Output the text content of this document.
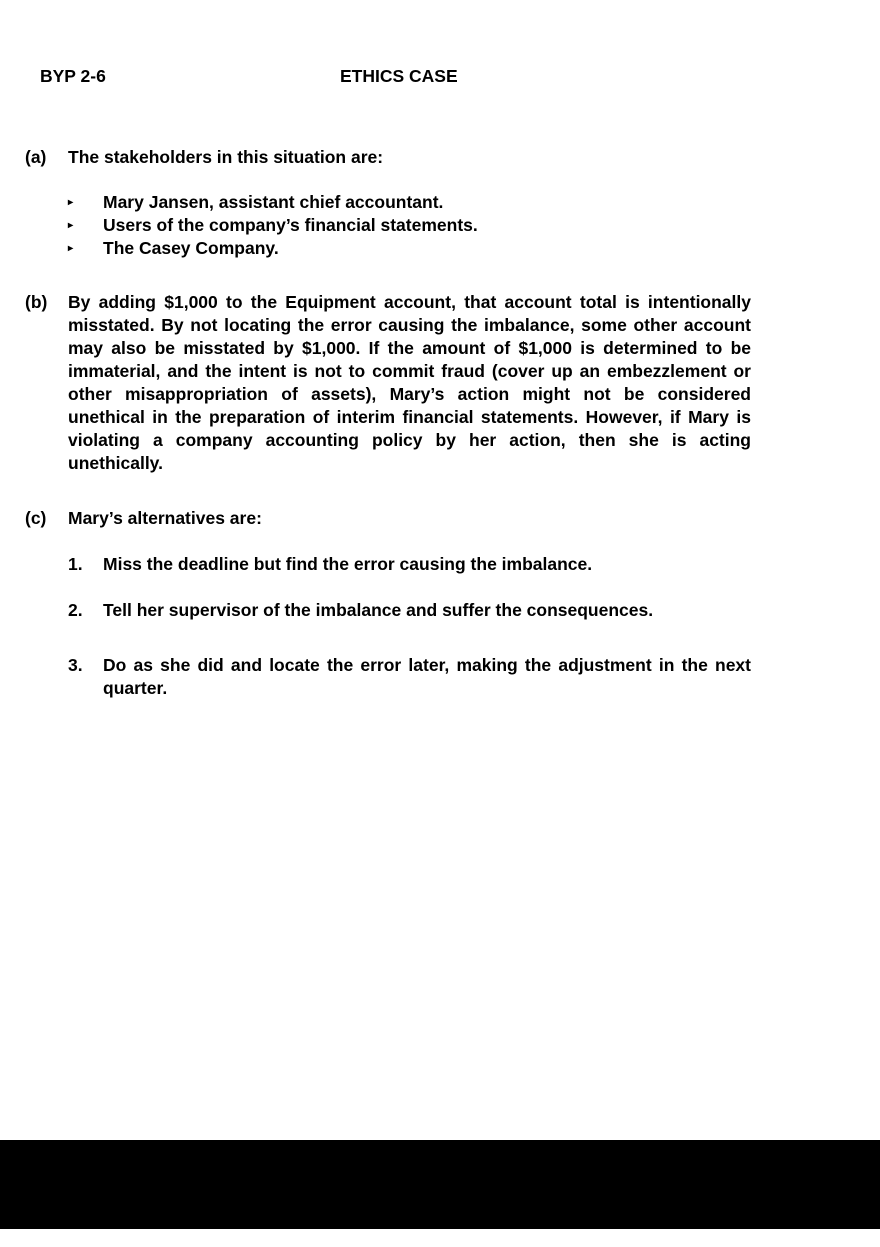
BYP 2-6	ETHICS CASE
(a)	The stakeholders in this situation are:
▸	Mary Jansen, assistant chief accountant.
▸	Users of the company’s financial statements.
▸	The Casey Company.
(b)	By adding $1,000 to the Equipment account, that account total is intentionally misstated. By not locating the error causing the imbalance, some other account may also be misstated by $1,000. If the amount of $1,000 is determined to be immaterial, and the intent is not to commit fraud (cover up an embezzlement or other misappropriation of assets), Mary’s action might not be considered unethical in the preparation of interim financial statements. However, if Mary is violating a company accounting policy by her action, then she is acting unethically.
(c)	Mary’s alternatives are:
1.	Miss the deadline but find the error causing the imbalance.
2.	Tell her supervisor of the imbalance and suffer the consequences.
3.	Do as she did and locate the error later, making the adjustment in the next quarter.
